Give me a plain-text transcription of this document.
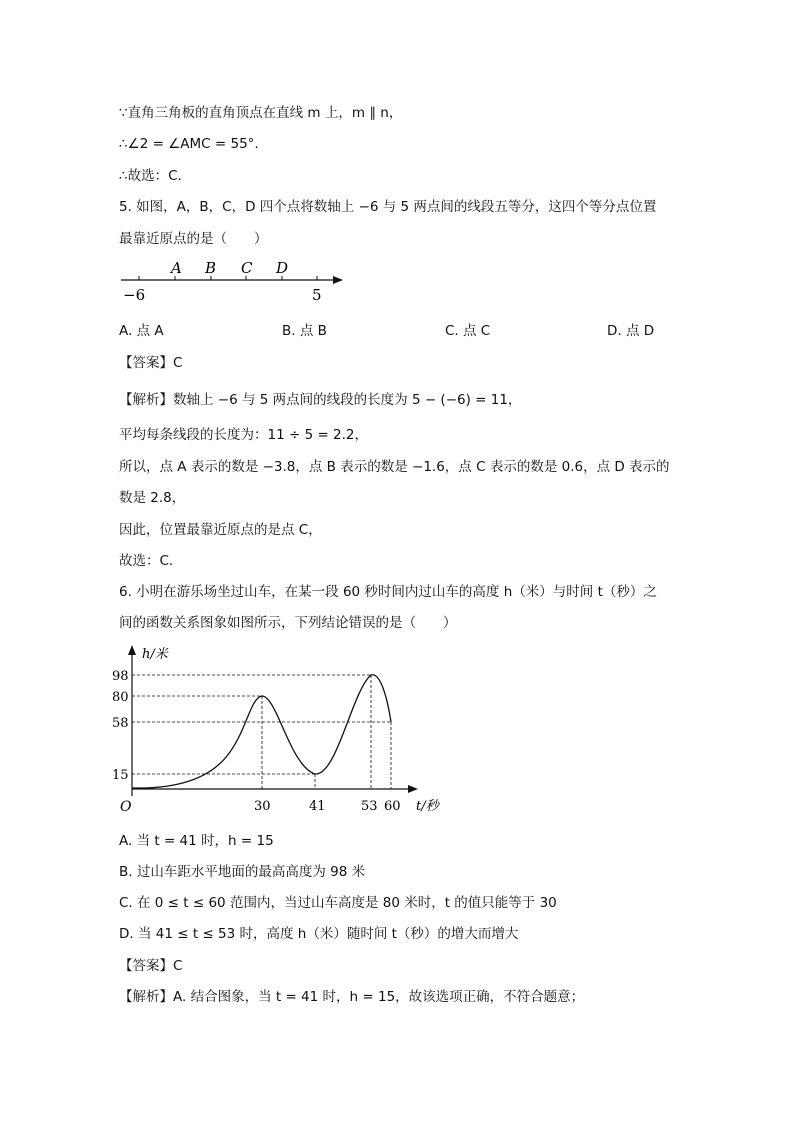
∵直角三角板的直角顶点在直线 m 上，m ∥ n，
∴∠2 = ∠AMC = 55°.
∴故选：C.
5. 如图，A，B，C，D 四个点将数轴上 −6 与 5 两点间的线段五等分，这四个等分点位置
最靠近原点的是（　　）
A B C D
−6	5
A. 点 A	B. 点 B	C. 点 C	D. 点 D
【答案】C
【解析】数轴上 −6 与 5 两点间的线段的长度为 5 − (−6) = 11，
平均每条线段的长度为：11 ÷ 5 = 2.2，
所以，点 A 表示的数是 −3.8，点 B 表示的数是 −1.6，点 C 表示的数是 0.6，点 D 表示的
数是 2.8，
因此，位置最靠近原点的是点 C，
故选：C.
6. 小明在游乐场坐过山车，在某一段 60 秒时间内过山车的高度 h（米）与时间 t（秒）之
间的函数关系图象如图所示，下列结论错误的是（　　）
h/米
t/秒
O
98
80
58
15
30	41	53 60
A. 当 t = 41 时，h = 15
B. 过山车距水平地面的最高高度为 98 米
C. 在 0 ≤ t ≤ 60 范围内，当过山车高度是 80 米时，t 的值只能等于 30
D. 当 41 ≤ t ≤ 53 时，高度 h（米）随时间 t（秒）的增大而增大
【答案】C
【解析】A. 结合图象，当 t = 41 时，h = 15，故该选项正确，不符合题意；
